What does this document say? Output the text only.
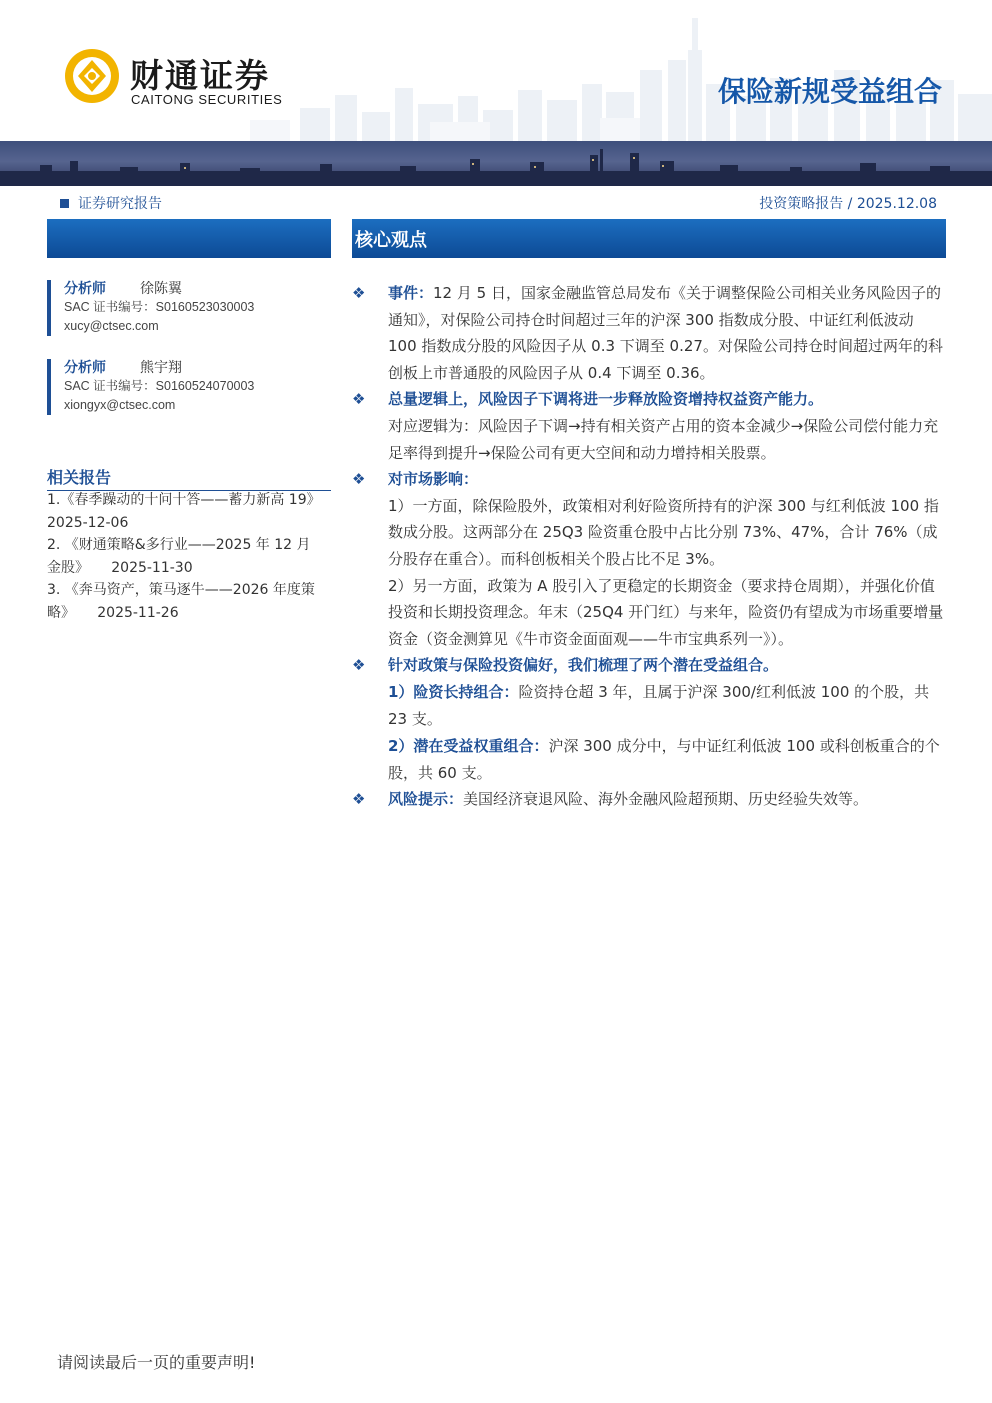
财通证券
CAITONG SECURITIES	保险新规受益组合
证券研究报告	投资策略报告 / 2025.12.08
分析师 徐陈翼
SAC 证书编号：S0160523030003
xucy@ctsec.com
分析师 熊宇翔
SAC 证书编号：S0160524070003
xiongyx@ctsec.com
相关报告
1.《春季躁动的十问十答——蓄力新高 19》
2025-12-06
2. 《财通策略&多行业——2025 年 12 月
金股》     2025-11-30
3. 《奔马资产，策马逐牛——2026 年度策
略》     2025-11-26
核心观点
❖ 事件：12 月 5 日，国家金融监管总局发布《关于调整保险公司相关业务风险因子的通知》，对保险公司持仓时间超过三年的沪深 300 指数成分股、中证红利低波动 100 指数成分股的风险因子从 0.3 下调至 0.27。对保险公司持仓时间超过两年的科创板上市普通股的风险因子从 0.4 下调至 0.36。
❖ 总量逻辑上，风险因子下调将进一步释放险资增持权益资产能力。
对应逻辑为：风险因子下调→持有相关资产占用的资本金减少→保险公司偿付能力充足率得到提升→保险公司有更大空间和动力增持相关股票。
❖ 对市场影响：
1）一方面，除保险股外，政策相对利好险资所持有的沪深 300 与红利低波 100 指数成分股。这两部分在 25Q3 险资重仓股中占比分别 73%、47%，合计 76%（成分股存在重合）。而科创板相关个股占比不足 3%。
2）另一方面，政策为 A 股引入了更稳定的长期资金（要求持仓周期），并强化价值投资和长期投资理念。年末（25Q4 开门红）与来年，险资仍有望成为市场重要增量资金（资金测算见《牛市资金面面观——牛市宝典系列一》）。
❖ 针对政策与保险投资偏好，我们梳理了两个潜在受益组合。
1）险资长持组合：险资持仓超 3 年，且属于沪深 300/红利低波 100 的个股，共 23 支。
2）潜在受益权重组合：沪深 300 成分中，与中证红利低波 100 或科创板重合的个股，共 60 支。
❖ 风险提示：美国经济衰退风险、海外金融风险超预期、历史经验失效等。
请阅读最后一页的重要声明!
